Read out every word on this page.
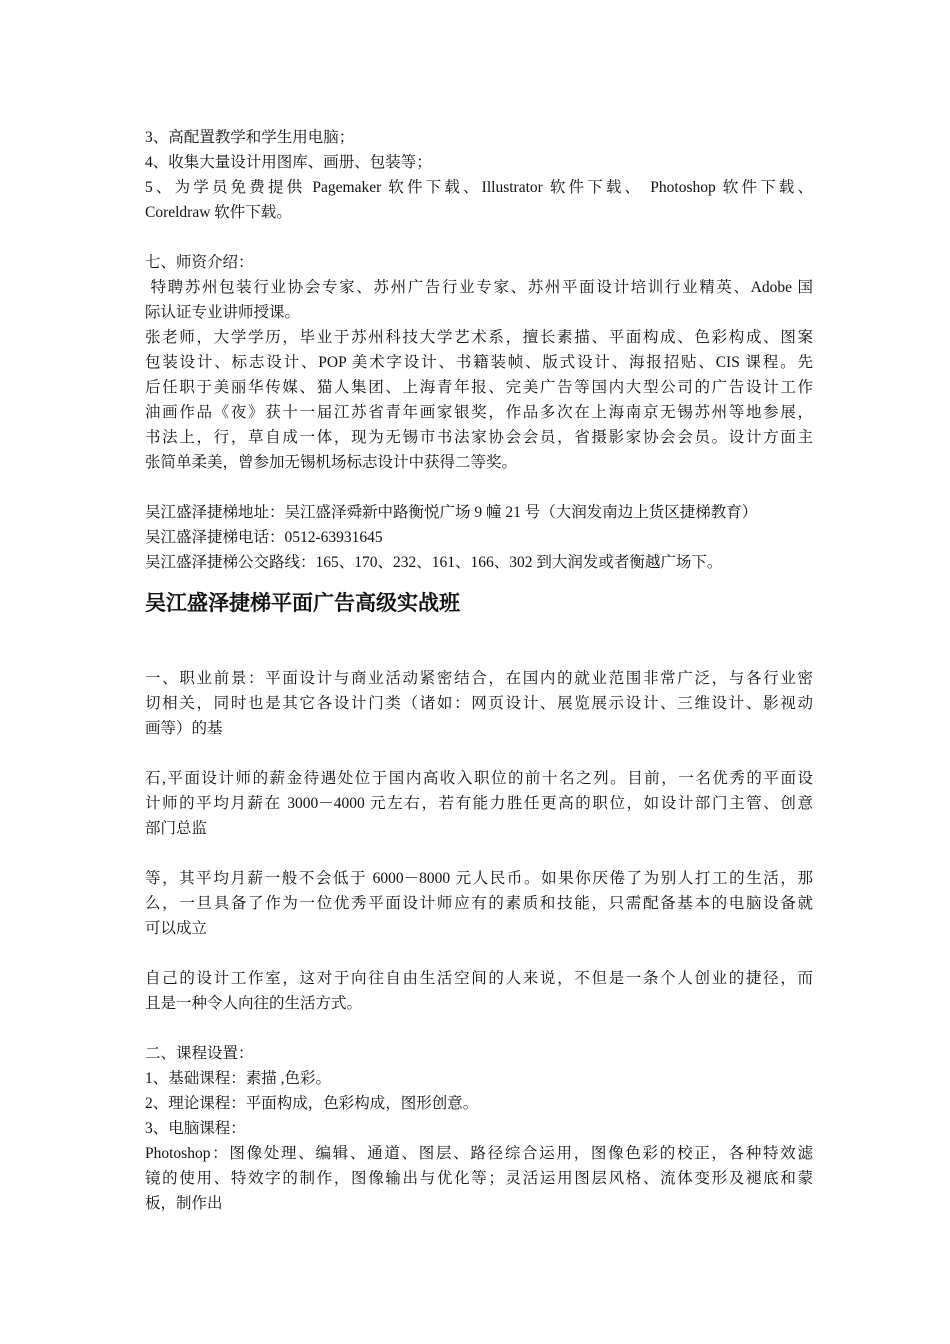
3、高配置教学和学生用电脑；
4、收集大量设计用图库、画册、包装等；
5、为学员免费提供 Pagemaker 软件下载、Illustrator 软件下载、 Photoshop 软件下载、
Coreldraw 软件下载。
七、师资介绍：
特聘苏州包装行业协会专家、苏州广告行业专家、苏州平面设计培训行业精英、Adobe 国
际认证专业讲师授课。
张老师，大学学历，毕业于苏州科技大学艺术系，擅长素描、平面构成、色彩构成、图案
包装设计、标志设计、POP 美术字设计、书籍装帧、版式设计、海报招贴、CIS 课程。先
后任职于美丽华传媒、猫人集团、上海青年报、完美广告等国内大型公司的广告设计工作
油画作品《夜》获十一届江苏省青年画家银奖，作品多次在上海南京无锡苏州等地参展，
书法上，行，草自成一体，现为无锡市书法家协会会员，省摄影家协会会员。设计方面主
张简单柔美，曾参加无锡机场标志设计中获得二等奖。
吴江盛泽捷梯地址：吴江盛泽舜新中路衡悦广场 9 幢 21 号（大润发南边上货区捷梯教育）
吴江盛泽捷梯电话：0512-63931645
吴江盛泽捷梯公交路线：165、170、232、161、166、302 到大润发或者衡越广场下。
吴江盛泽捷梯平面广告高级实战班
一、职业前景：平面设计与商业活动紧密结合，在国内的就业范围非常广泛，与各行业密
切相关，同时也是其它各设计门类（诸如：网页设计、展览展示设计、三维设计、影视动
画等）的基
石,平面设计师的薪金待遇处位于国内高收入职位的前十名之列。目前，一名优秀的平面设
计师的平均月薪在 3000－4000 元左右，若有能力胜任更高的职位，如设计部门主管、创意
部门总监
等，其平均月薪一般不会低于 6000－8000 元人民币。如果你厌倦了为别人打工的生活，那
么，一旦具备了作为一位优秀平面设计师应有的素质和技能，只需配备基本的电脑设备就
可以成立
自己的设计工作室，这对于向往自由生活空间的人来说，不但是一条个人创业的捷径，而
且是一种令人向往的生活方式。
二、课程设置：
1、基础课程：素描 ,色彩。
2、理论课程：平面构成，色彩构成，图形创意。
3、电脑课程：
Photoshop：图像处理、编辑、通道、图层、路径综合运用，图像色彩的校正，各种特效滤
镜的使用、特效字的制作，图像输出与优化等；灵活运用图层风格、流体变形及褪底和蒙
板，制作出
